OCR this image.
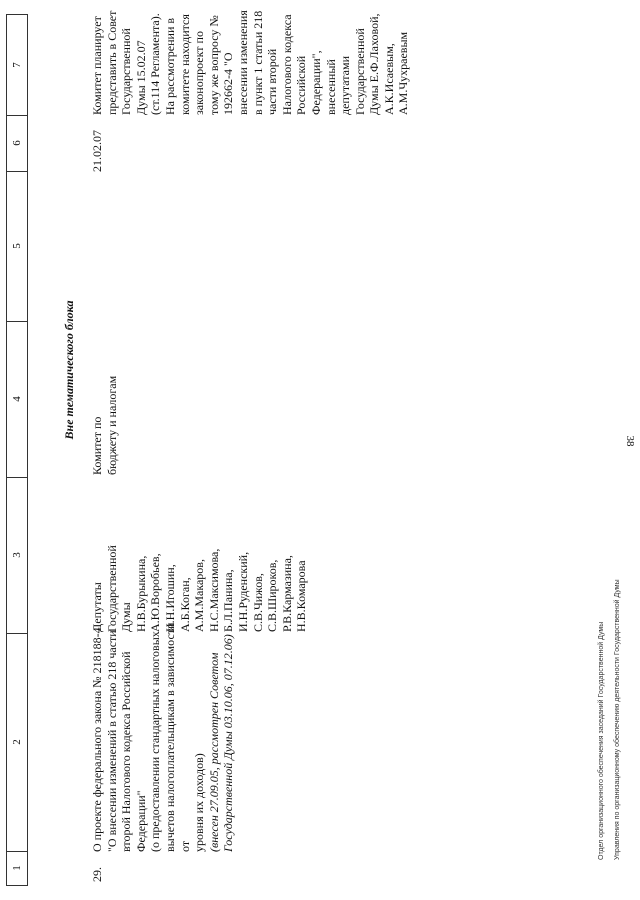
38
1
2
3
4
5
6
7
Вне тематического блока
29.

О проекте федерального закона № 218188-4 "О внесении изменений в статью 218 части второй Налогового кодекса Российской Федерации" (о предоставлении стандартных налоговых вычетов налогоплательщикам в зависимости от уровня их доходов) (внесен 27.09.05, рассмотрен Советом Государственной Думы 03.10.06, 07.12.06)

Депутаты Государственной Думы Н.В.Бурыкина, А.Ю.Воробьев, И.Н.Игошин, А.Б.Коган, А.М.Макаров, Н.С.Максимова, Б.Л.Панина, И.Н.Руденский, С.В.Чижов, С.В.Широков, Р.В.Кармазина, Н.В.Комарова

Комитет по бюджету и налогам

21.02.07

Комитет планирует представить в Совет Государственной Думы 15.02.07 (ст.114 Регламента). На рассмотрении в комитете находится законопроект по тому же вопросу № 192662-4 "О внесении изменения в пункт 1 статьи 218 части второй Налогового кодекса Российской Федерации", внесенный депутатами Государственной Думы Е.Ф.Лаховой, А.К.Исаевым, А.М.Чухраевым

Отдел организационного обеспечения заседаний Государственной Думы Управления по организационному обеспечению деятельности Государственной Думы
